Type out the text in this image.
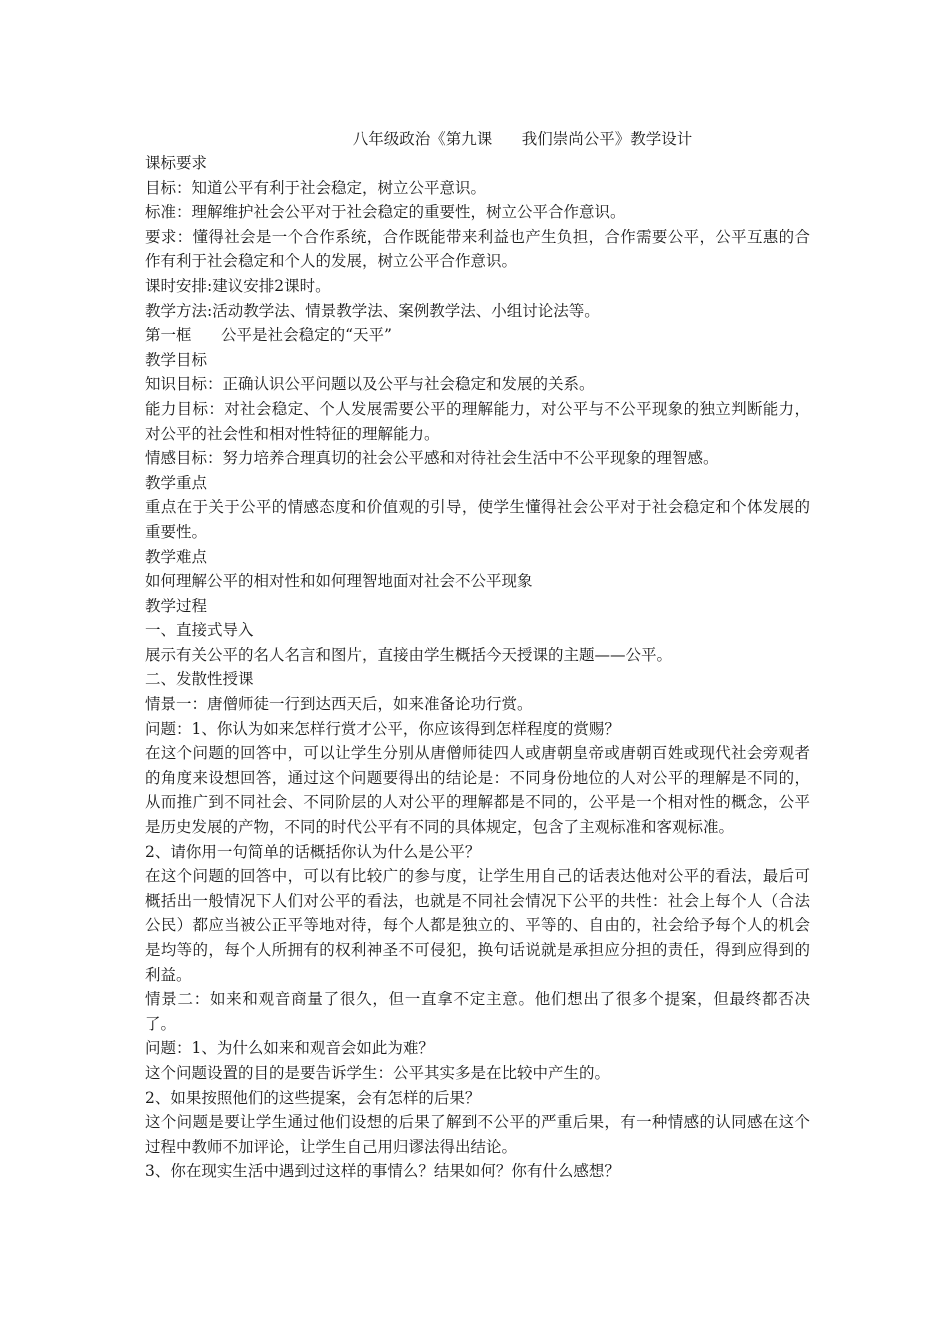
八年级政治《第九课      我们崇尚公平》教学设计

课标要求

目标：知道公平有利于社会稳定，树立公平意识。

标准：理解维护社会公平对于社会稳定的重要性，树立公平合作意识。

要求：懂得社会是一个合作系统，合作既能带来利益也产生负担，合作需要公平，公平互惠的合作有利于社会稳定和个人的发展，树立公平合作意识。

课时安排:建议安排2课时。

教学方法:活动教学法、情景教学法、案例教学法、小组讨论法等。

第一框      公平是社会稳定的“天平”

教学目标

知识目标：正确认识公平问题以及公平与社会稳定和发展的关系。

能力目标：对社会稳定、个人发展需要公平的理解能力，对公平与不公平现象的独立判断能力，对公平的社会性和相对性特征的理解能力。

情感目标：努力培养合理真切的社会公平感和对待社会生活中不公平现象的理智感。

教学重点

重点在于关于公平的情感态度和价值观的引导，使学生懂得社会公平对于社会稳定和个体发展的重要性。

教学难点

如何理解公平的相对性和如何理智地面对社会不公平现象

教学过程

一、直接式导入

展示有关公平的名人名言和图片，直接由学生概括今天授课的主题——公平。

二、发散性授课

情景一：唐僧师徒一行到达西天后，如来准备论功行赏。

问题：1、你认为如来怎样行赏才公平，你应该得到怎样程度的赏赐？

在这个问题的回答中，可以让学生分别从唐僧师徒四人或唐朝皇帝或唐朝百姓或现代社会旁观者的角度来设想回答，通过这个问题要得出的结论是：不同身份地位的人对公平的理解是不同的，从而推广到不同社会、不同阶层的人对公平的理解都是不同的，公平是一个相对性的概念，公平是历史发展的产物，不同的时代公平有不同的具体规定，包含了主观标准和客观标准。

2、请你用一句简单的话概括你认为什么是公平？

在这个问题的回答中，可以有比较广的参与度，让学生用自己的话表达他对公平的看法，最后可概括出一般情况下人们对公平的看法，也就是不同社会情况下公平的共性：社会上每个人（合法公民）都应当被公正平等地对待，每个人都是独立的、平等的、自由的，社会给予每个人的机会是均等的，每个人所拥有的权利神圣不可侵犯，换句话说就是承担应分担的责任，得到应得到的利益。

情景二：如来和观音商量了很久，但一直拿不定主意。他们想出了很多个提案，但最终都否决了。

问题：1、为什么如来和观音会如此为难？

这个问题设置的目的是要告诉学生：公平其实多是在比较中产生的。

2、如果按照他们的这些提案，会有怎样的后果？

这个问题是要让学生通过他们设想的后果了解到不公平的严重后果，有一种情感的认同感在这个过程中教师不加评论，让学生自己用归谬法得出结论。

3、你在现实生活中遇到过这样的事情么？结果如何？你有什么感想？
